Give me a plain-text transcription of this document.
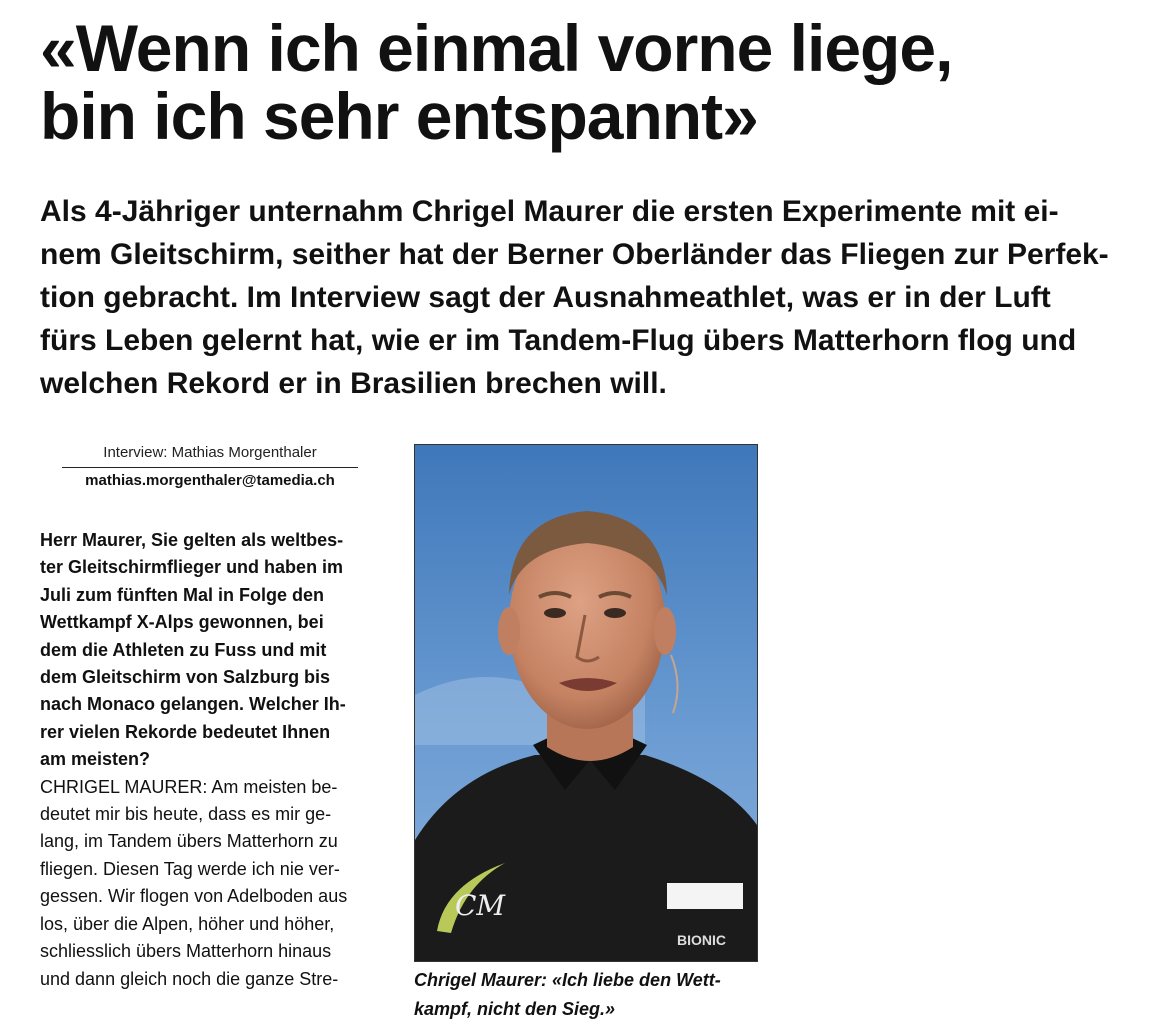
«Wenn ich einmal vorne liege,
bin ich sehr entspannt»

Als 4-Jähriger unternahm Chrigel Maurer die ersten Experimente mit ei-
nem Gleitschirm, seither hat der Berner Oberländer das Fliegen zur Perfek-
tion gebracht. Im Interview sagt der Ausnahmeathlet, was er in der Luft
fürs Leben gelernt hat, wie er im Tandem-Flug übers Matterhorn flog und
welchen Rekord er in Brasilien brechen will.

Interview: Mathias Morgenthaler
mathias.morgenthaler@tamedia.ch
Herr Maurer, Sie gelten als weltbes-
ter Gleitschirmflieger und haben im
Juli zum fünften Mal in Folge den
Wettkampf X-Alps gewonnen, bei
dem die Athleten zu Fuss und mit
dem Gleitschirm von Salzburg bis
nach Monaco gelangen. Welcher Ih-
rer vielen Rekorde bedeutet Ihnen
am meisten?
CHRIGEL MAURER: Am meisten be-
deutet mir bis heute, dass es mir ge-
lang, im Tandem übers Matterhorn zu
fliegen. Diesen Tag werde ich nie ver-
gessen. Wir flogen von Adelboden aus
los, über die Alpen, höher und höher,
schliesslich übers Matterhorn hinaus
und dann gleich noch die ganze Stre-
CM
BIONIC
Chrigel Maurer: «Ich liebe den Wett-
kampf, nicht den Sieg.»
